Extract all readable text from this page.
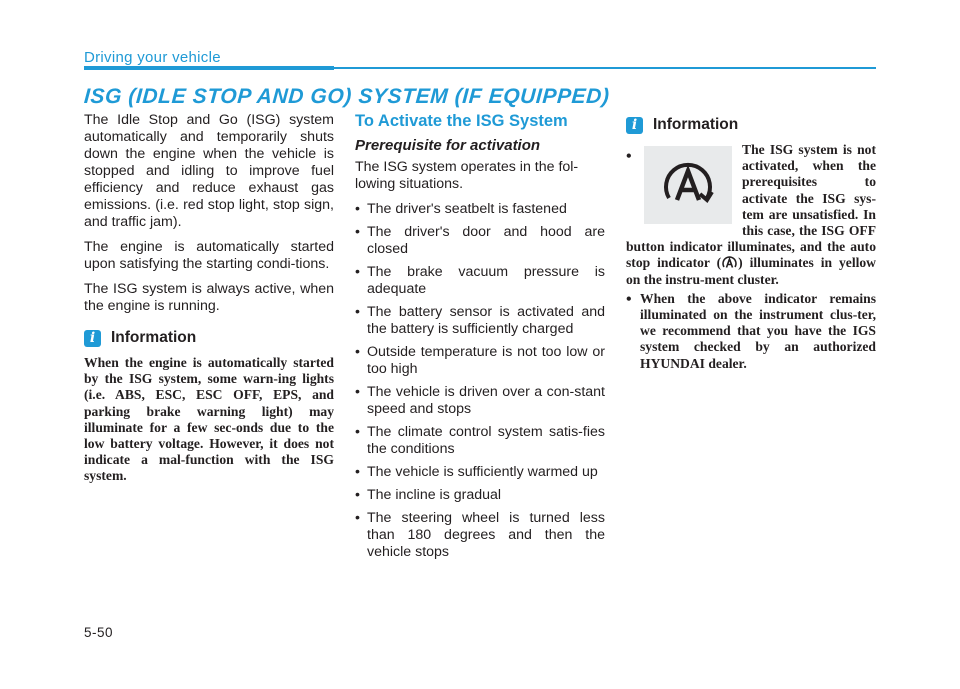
Driving your vehicle
ISG (IDLE STOP AND GO) SYSTEM (IF EQUIPPED)

The Idle Stop and Go (ISG) system automatically and temporarily shuts down the engine when the vehicle is stopped and idling to improve fuel efficiency and reduce exhaust gas emissions. (i.e. red stop light, stop sign, and traffic jam).

The engine is automatically started upon satisfying the starting condi-tions.

The ISG system is always active, when the engine is running.

i	Information

When the engine is automatically started by the ISG system, some warn-ing lights (i.e. ABS, ESC, ESC OFF, EPS, and parking brake warning light) may illuminate for a few sec-onds due to the low battery voltage. However, it does not indicate a mal-function with the ISG system.

To Activate the ISG System
Prerequisite for activation

The ISG system operates in the fol-lowing situations.

• The driver's seatbelt is fastened
• The driver's door and hood are closed
• The brake vacuum pressure is adequate
• The battery sensor is activated and the battery is sufficiently charged
• Outside temperature is not too low or too high
• The vehicle is driven over a con-stant speed and stops
• The climate control system satis-fies the conditions
• The vehicle is sufficiently warmed up
• The incline is gradual
• The steering wheel is turned less than 180 degrees and then the vehicle stops
i	Information
•	The ISG system is not activated, when the prerequisites to activate the ISG sys-tem are unsatisfied. In this case, the ISG OFF button indicator illuminates, and the auto stop indicator ( ) illuminates in yellow on the instru-ment cluster.

• When the above indicator remains illuminated on the instrument clus-ter, we recommend that you have the IGS system checked by an authorized HYUNDAI dealer.

5-50
